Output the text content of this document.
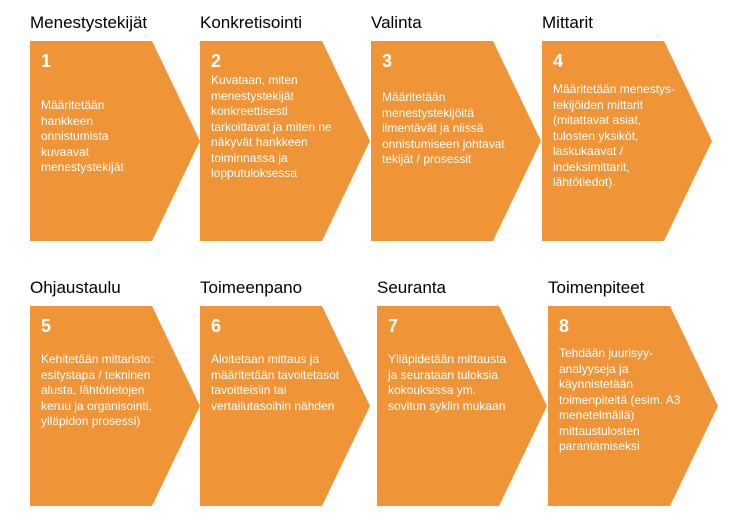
Menestystekijät
1
Määritetään hankkeen onnistumista kuvaavat menestystekijät
Konkretisointi
2
Kuvataan, miten menestystekijät konkreettisesti tarkoittavat ja miten ne näkyvät hankkeen toiminnassa ja lopputuloksessa
Valinta
3
Määritetään menestystekijöitä ilmentävät ja niissä onnistumiseen johtavat tekijät / prosessit
Mittarit
4
Määritetään menestys-tekijöiden mittarit (mitattavat asiat, tulosten yksiköt, laskukaavat / indeksimittarit, lähtötiedot).
Ohjaustaulu
5
Kehitetään mittaristo: esitystapa / tekninen alusta, lähtötietojen keruu ja organisointi, ylläpidon prosessi)
Toimeenpano
6
Aloitetaan mittaus ja määritetään tavoitetasot tavoitteisiin tai vertailutasoihin nähden
Seuranta
7
Ylläpidetään mittausta ja seurataan tuloksia kokouksissa ym. sovitun syklin mukaan
Toimenpiteet
8
Tehdään juurisyy-analyyseja ja käynnistetään toimenpiteitä (esim. A3 menetelmällä) mittaustulosten parantamiseksi
